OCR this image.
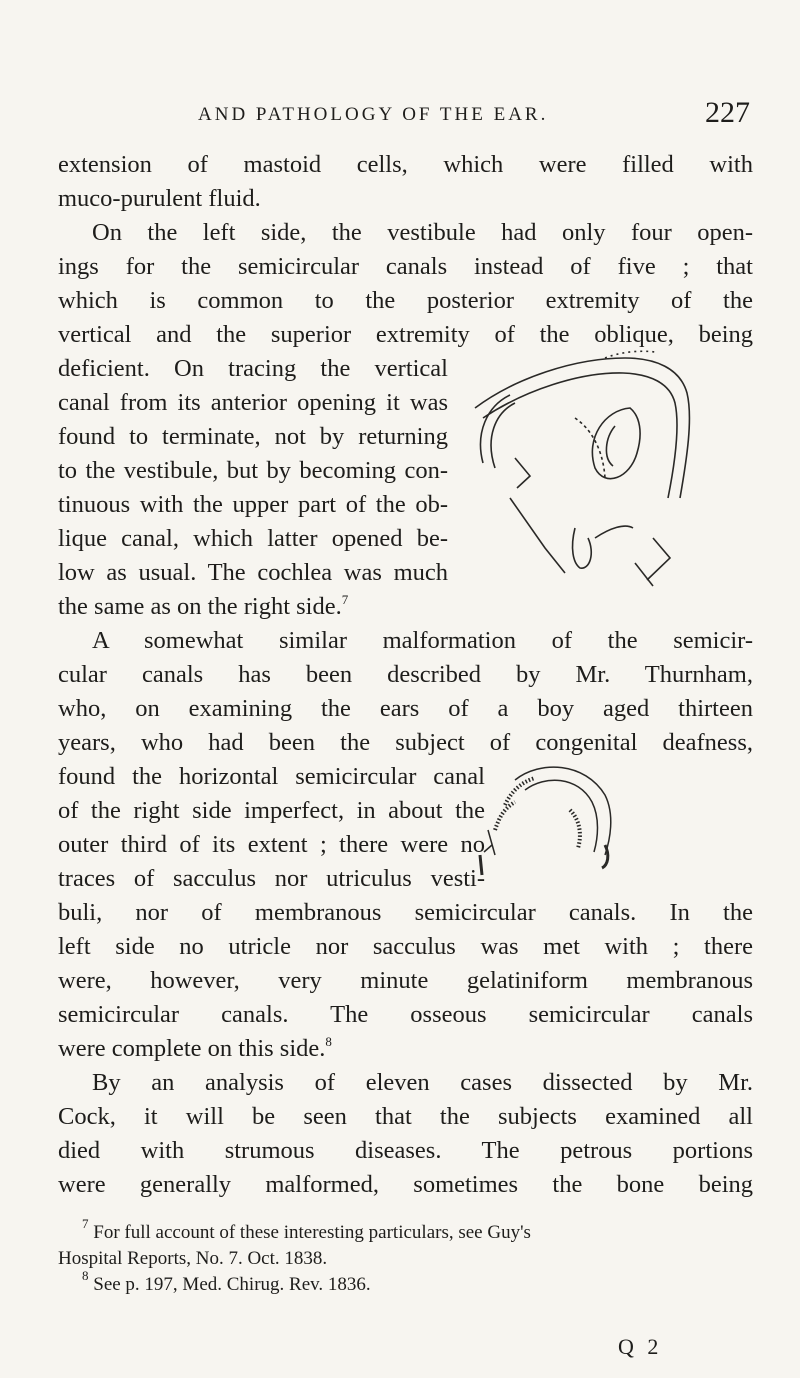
AND PATHOLOGY OF THE EAR.	227

extension of mastoid cells, which were filled with

muco-purulent fluid.

On the left side, the vestibule had only four open-

ings for the semicircular canals instead of five ; that

which is common to the posterior extremity of the

vertical and the superior extremity of the oblique, being

deficient. On tracing the vertical

canal from its anterior opening it was

found to terminate, not by returning

to the vestibule, but by becoming con-

tinuous with the upper part of the ob-

lique canal, which latter opened be-

low as usual. The cochlea was much

the same as on the right side.$^7$

A somewhat similar malformation of the semicir-

cular canals has been described by Mr. Thurnham,

who, on examining the ears of a boy aged thirteen

years, who had been the subject of congenital deafness,

found the horizontal semicircular canal

of the right side imperfect, in about the

outer third of its extent ; there were no

traces of sacculus nor utriculus vesti-

buli, nor of membranous semicircular canals. In the

left side no utricle nor sacculus was met with ; there

were, however, very minute gelatiniform membranous

semicircular canals. The osseous semicircular canals

were complete on this side.$^8$

By an analysis of eleven cases dissected by Mr.

Cock, it will be seen that the subjects examined all

died with strumous diseases. The petrous portions

were generally malformed, sometimes the bone being

$^7$ For full account of these interesting particulars, see Guy's
Hospital Reports, No. 7. Oct. 1838.
$^8$ See p. 197, Med. Chirug. Rev. 1836.
Q 2
